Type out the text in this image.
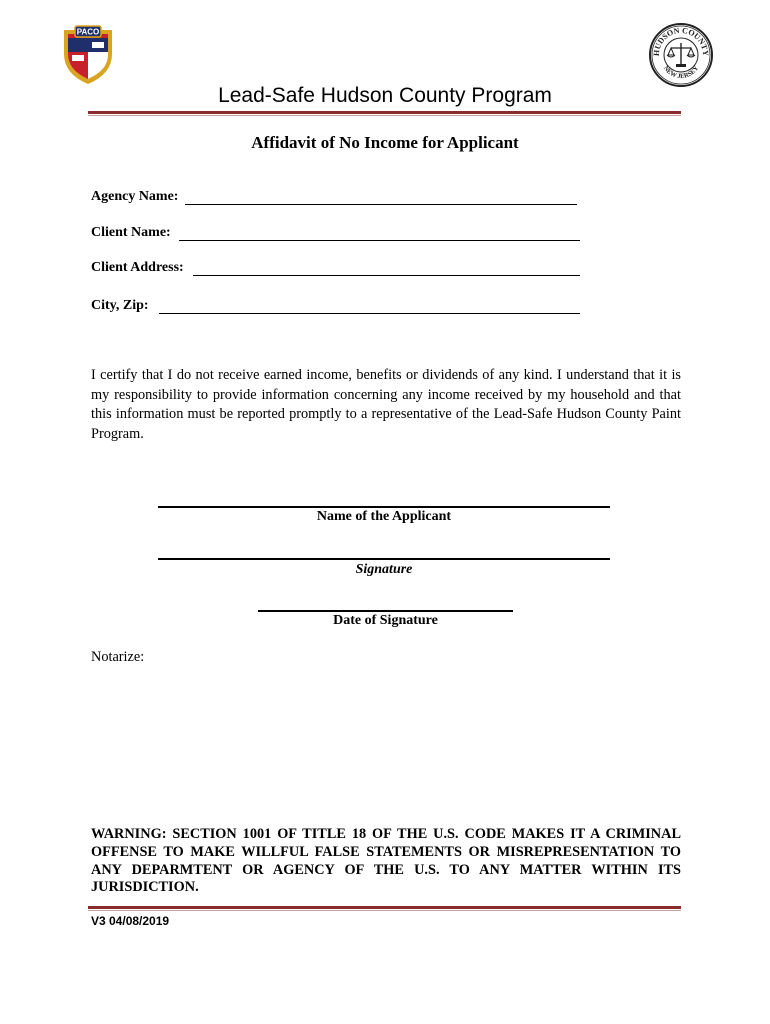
PACO
HUDSON COUNTY
NEW JERSEY
Lead-Safe Hudson County Program
Affidavit of No Income for Applicant
Agency Name:
Client Name:
Client Address:
City, Zip:
I certify that I do not receive earned income, benefits or dividends of any kind. I understand that it is my responsibility to provide information concerning any income received by my household and that this information must be reported promptly to a representative of the Lead-Safe Hudson County Paint Program.
Name of the Applicant
Signature
Date of Signature
Notarize:
WARNING: SECTION 1001 OF TITLE 18 OF THE U.S. CODE MAKES IT A CRIMINAL OFFENSE TO MAKE WILLFUL FALSE STATEMENTS OR MISREPRESENTATION TO ANY DEPARMTENT OR AGENCY OF THE U.S. TO ANY MATTER WITHIN ITS JURISDICTION.
V3 04/08/2019
